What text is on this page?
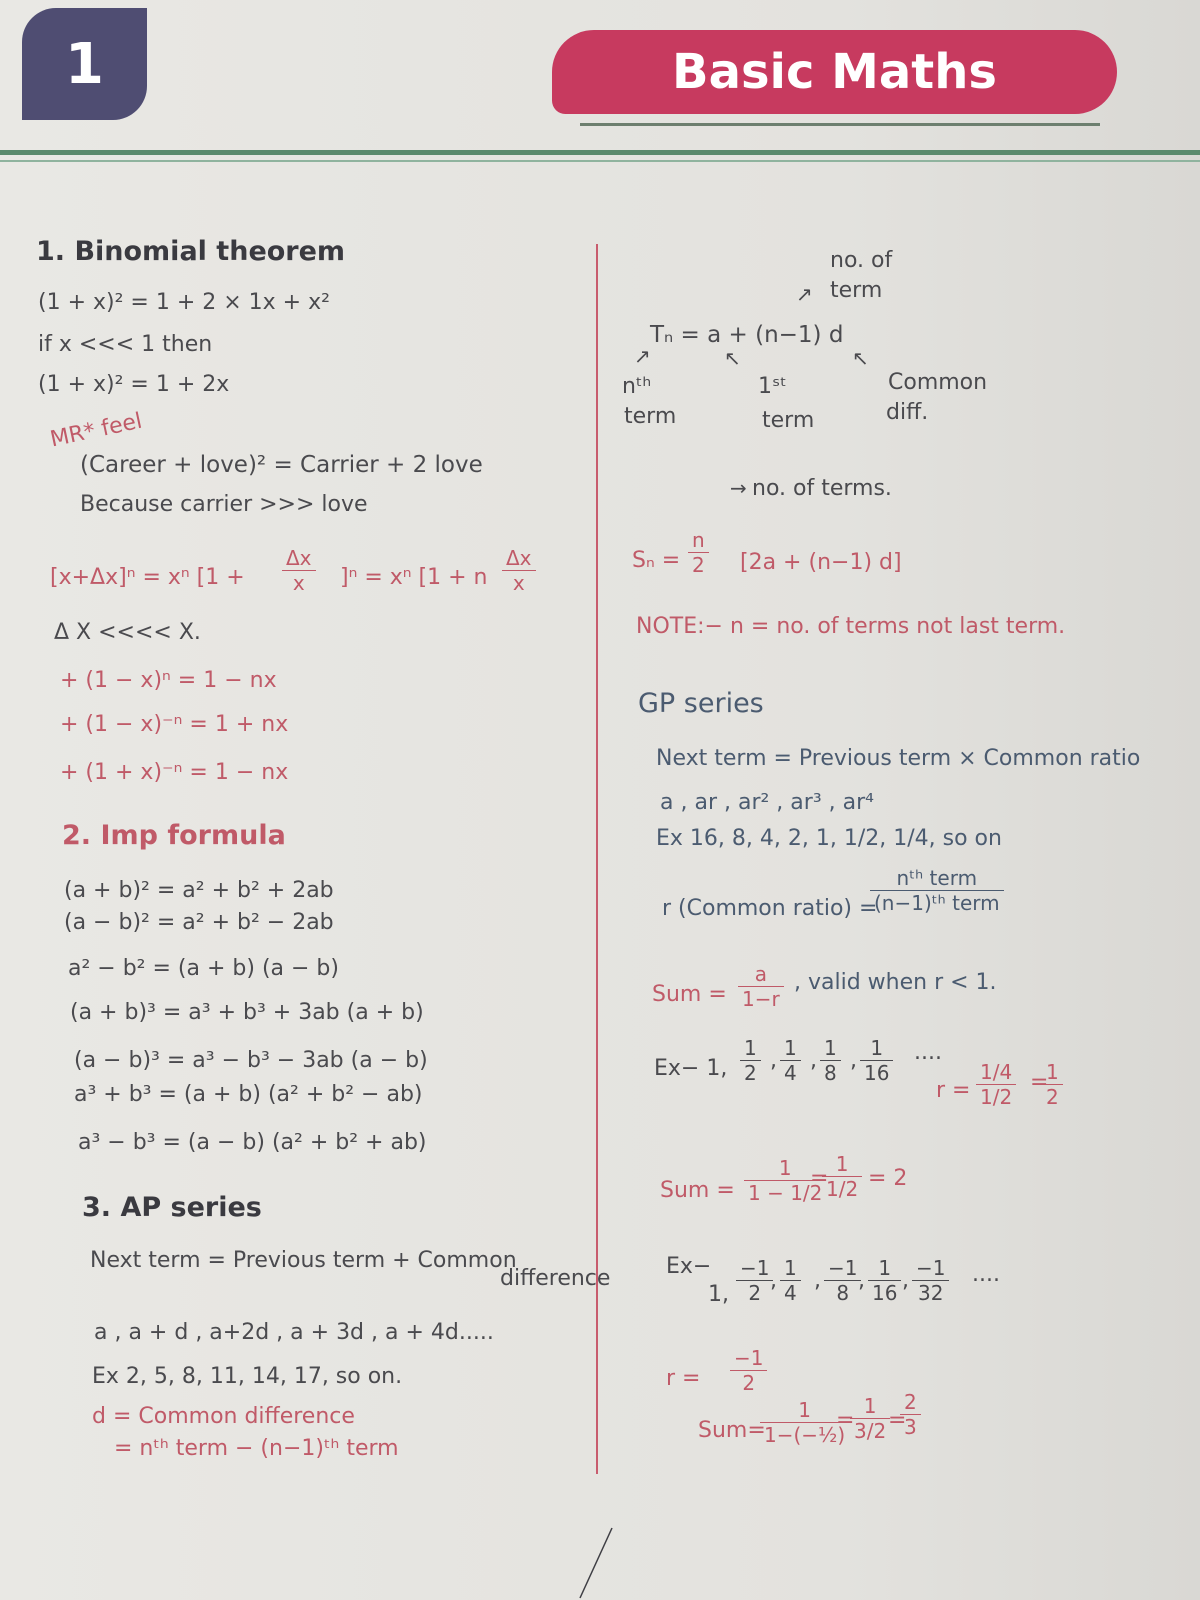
1	Basic Maths
1. Binomial theorem
(1 + x)² = 1 + 2 × 1x + x²
if x <<< 1 then
(1 + x)² = 1 + 2x
MR* feel
(Career + love)² = Carrier + 2 love
Because carrier >>> love
[x+Δx]ⁿ = xⁿ $[1 + \frac{\Delta x}{x} ]^n = x^n$ [1 + n $\frac{\Delta x}{x}$
Δ X <<<< X.
+ (1 − x)ⁿ = 1 − nx
+ (1 − x)⁻ⁿ = 1 + nx
+ (1 + x)⁻ⁿ = 1 − nx
2. Imp formula
(a + b)² = a² + b² + 2ab
(a − b)² = a² + b² − 2ab
a² − b² = (a + b) (a − b)
(a + b)³ = a³ + b³ + 3ab (a + b)
(a − b)³ = a³ − b³ − 3ab (a − b)
a³ + b³ = (a + b) (a² + b² − ab)
a³ − b³ = (a − b) (a² + b² + ab)
3. AP series
Next term = Previous term + Common
difference
a , a + d , a+2d , a + 3d , a + 4d.....
Ex 2, 5, 8, 11, 14, 17, so on.
d = Common difference
= nᵗʰ term − (n−1)ᵗʰ term
no. of
term
↗
Tₙ = a + (n−1) d
↗	↖	↖
nᵗʰ
term
1ˢᵗ
term
Common
diff.
→ no. of terms.
$S_n = \frac{n}{2} [2a + (n-1)$ d]
NOTE:− n = no. of terms not last term.
GP series
Next term = Previous term × Common ratio
a , ar , ar² , ar³ , ar⁴
Ex 16, 8, 4, 2, 1, 1/2, 1/4, so on
r (Common ratio) =
nᵗʰ term
(n−1)ᵗʰ term
Sum = $\frac{a}{1-r}$ , valid when r < 1.
Ex− 1, $\frac{1}{2}$ , $\frac{1}{4}$ , $\frac{1}{8}$ , $\frac{1}{16}$ ....
$r = \frac{1/4}{1/2}$ =
$\frac{1}{2}$
Sum = $\frac{1}{1 - 1/2}$
=
$\frac{1}{1/2} = 2$
Ex−
1, $\frac{-1}{2}$
, $\frac{1}{4}$ , $\frac{-1}{8}$
, $\frac{1}{16}$ , $\frac{-1}{32}$ ....
$r = \frac{-1}{2}$
Sum=
$\frac{1}{\text{1−(−½)}}$
=
$\frac{1}{3/2}$
=
$\frac{2}{3}$
